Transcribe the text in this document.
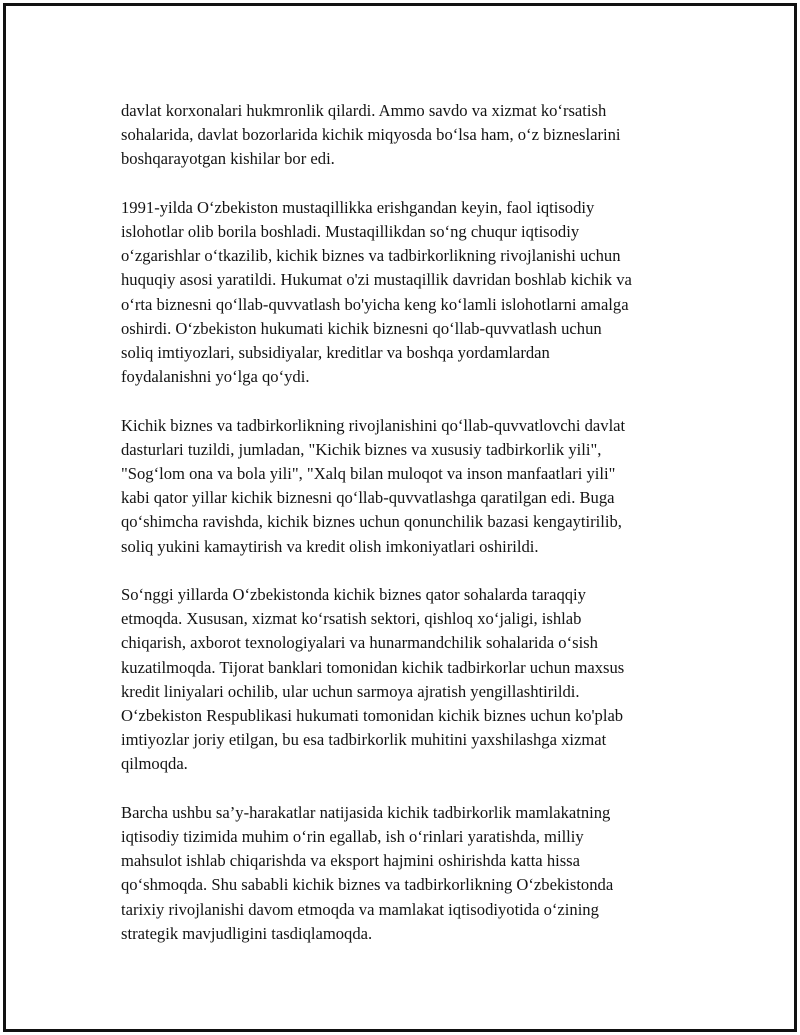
davlat korxonalari hukmronlik qilardi. Ammo savdo va xizmat ko‘rsatish
sohalarida, davlat bozorlarida kichik miqyosda bo‘lsa ham, o‘z bizneslarini
boshqarayotgan kishilar bor edi.

1991-yilda O‘zbekiston mustaqillikka erishgandan keyin, faol iqtisodiy
islohotlar olib borila boshladi. Mustaqillikdan so‘ng chuqur iqtisodiy
o‘zgarishlar o‘tkazilib, kichik biznes va tadbirkorlikning rivojlanishi uchun
huquqiy asosi yaratildi. Hukumat o'zi mustaqillik davridan boshlab kichik va
o‘rta biznesni qo‘llab-quvvatlash bo'yicha keng ko‘lamli islohotlarni amalga
oshirdi. O‘zbekiston hukumati kichik biznesni qo‘llab-quvvatlash uchun
soliq imtiyozlari, subsidiyalar, kreditlar va boshqa yordamlardan
foydalanishni yo‘lga qo‘ydi.

Kichik biznes va tadbirkorlikning rivojlanishini qo‘llab-quvvatlovchi davlat
dasturlari tuzildi, jumladan, "Kichik biznes va xususiy tadbirkorlik yili",
"Sog‘lom ona va bola yili", "Xalq bilan muloqot va inson manfaatlari yili"
kabi qator yillar kichik biznesni qo‘llab-quvvatlashga qaratilgan edi. Buga
qo‘shimcha ravishda, kichik biznes uchun qonunchilik bazasi kengaytirilib,
soliq yukini kamaytirish va kredit olish imkoniyatlari oshirildi.

So‘nggi yillarda O‘zbekistonda kichik biznes qator sohalarda taraqqiy
etmoqda. Xususan, xizmat ko‘rsatish sektori, qishloq xo‘jaligi, ishlab
chiqarish, axborot texnologiyalari va hunarmandchilik sohalarida o‘sish
kuzatilmoqda. Tijorat banklari tomonidan kichik tadbirkorlar uchun maxsus
kredit liniyalari ochilib, ular uchun sarmoya ajratish yengillashtirildi.
O‘zbekiston Respublikasi hukumati tomonidan kichik biznes uchun ko'plab
imtiyozlar joriy etilgan, bu esa tadbirkorlik muhitini yaxshilashga xizmat
qilmoqda.

Barcha ushbu sa’y-harakatlar natijasida kichik tadbirkorlik mamlakatning
iqtisodiy tizimida muhim o‘rin egallab, ish o‘rinlari yaratishda, milliy
mahsulot ishlab chiqarishda va eksport hajmini oshirishda katta hissa
qo‘shmoqda. Shu sababli kichik biznes va tadbirkorlikning O‘zbekistonda
tarixiy rivojlanishi davom etmoqda va mamlakat iqtisodiyotida o‘zining
strategik mavjudligini tasdiqlamoqda.
